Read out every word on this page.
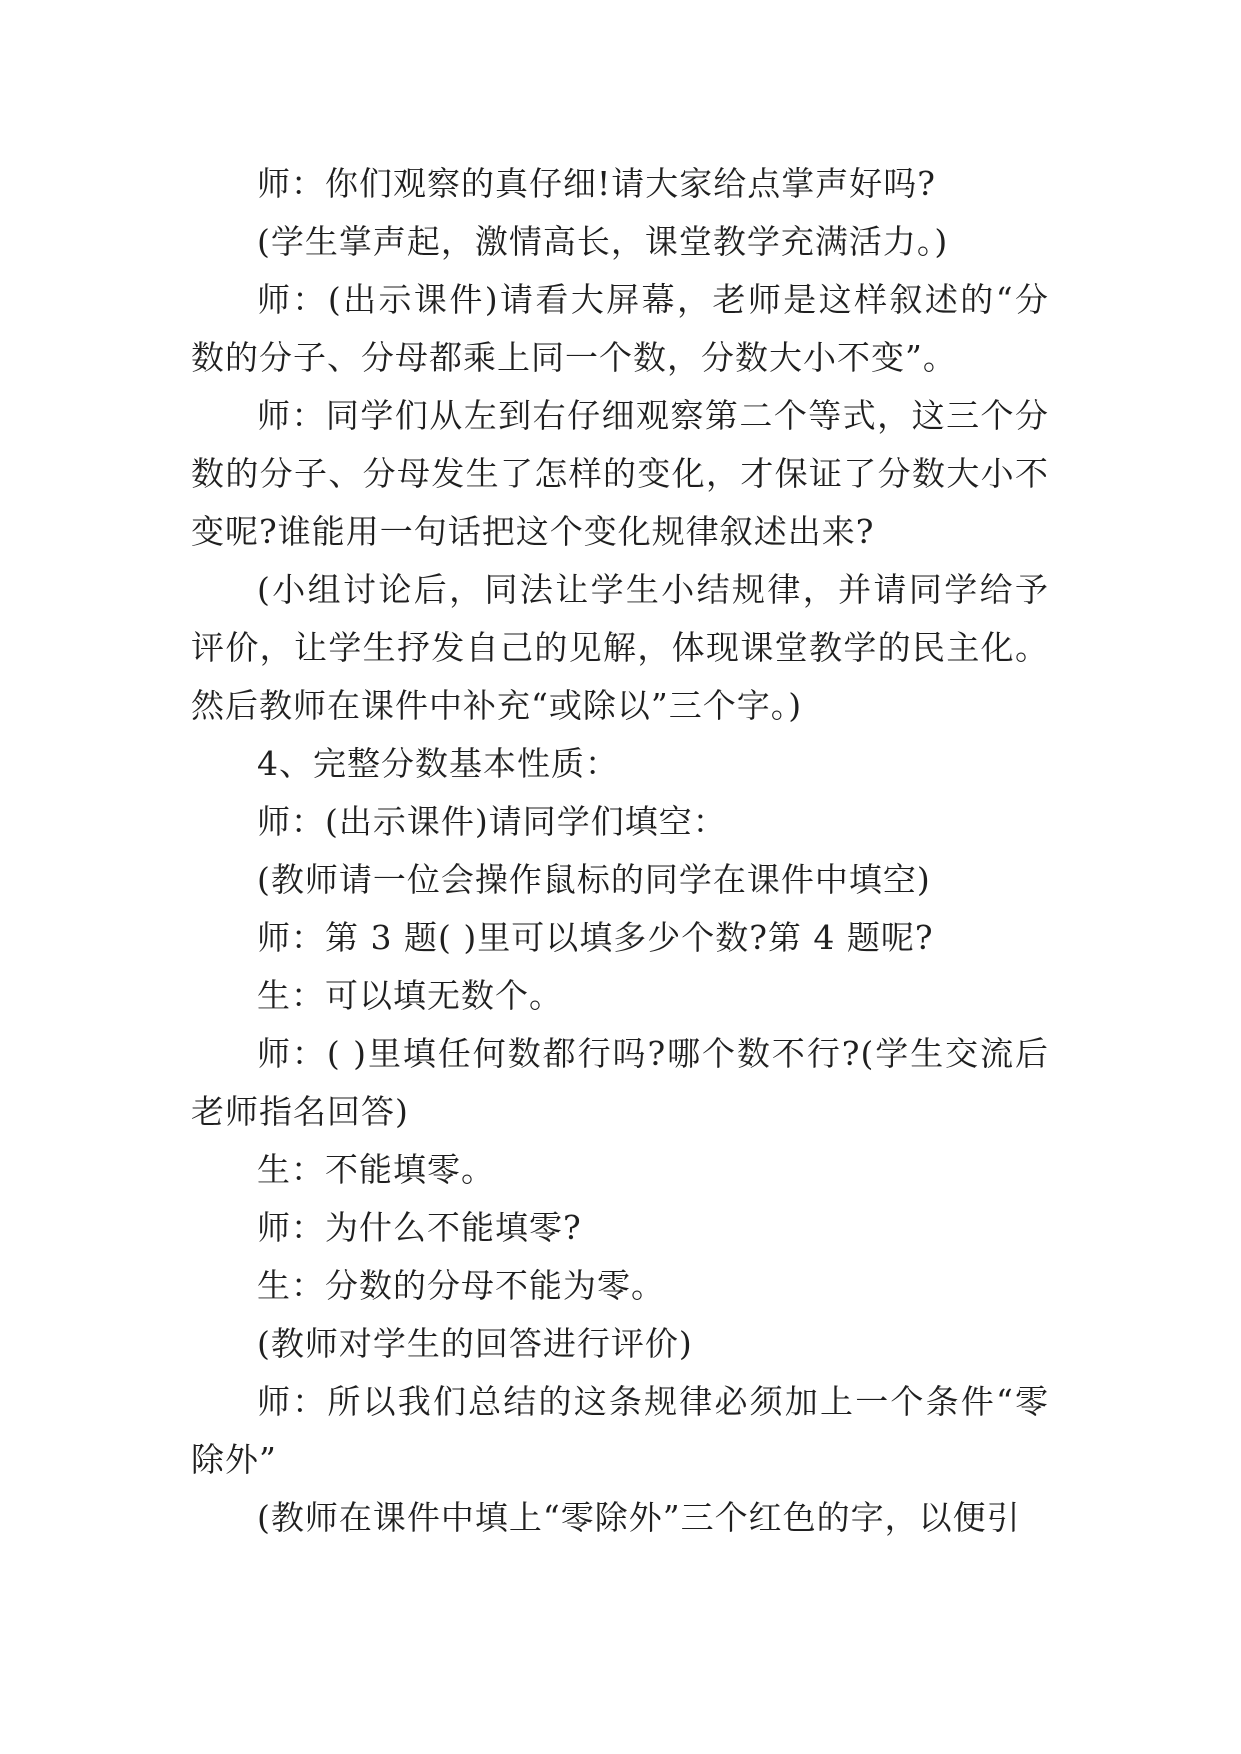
师：你们观察的真仔细!请大家给点掌声好吗?

(学生掌声起，激情高长，课堂教学充满活力。)

师：(出示课件)请看大屏幕，老师是这样叙述的“分数的分子、分母都乘上同一个数，分数大小不变”。

师：同学们从左到右仔细观察第二个等式，这三个分数的分子、分母发生了怎样的变化，才保证了分数大小不变呢?谁能用一句话把这个变化规律叙述出来?

(小组讨论后，同法让学生小结规律，并请同学给予评价，让学生抒发自己的见解，体现课堂教学的民主化。然后教师在课件中补充“或除以”三个字。)

4、完整分数基本性质：

师：(出示课件)请同学们填空：

(教师请一位会操作鼠标的同学在课件中填空)

师：第 3 题( )里可以填多少个数?第 4 题呢?

生：可以填无数个。

师：( )里填任何数都行吗?哪个数不行?(学生交流后老师指名回答)

生：不能填零。

师：为什么不能填零?

生：分数的分母不能为零。

(教师对学生的回答进行评价)

师：所以我们总结的这条规律必须加上一个条件“零除外”

(教师在课件中填上“零除外”三个红色的字，以便引
